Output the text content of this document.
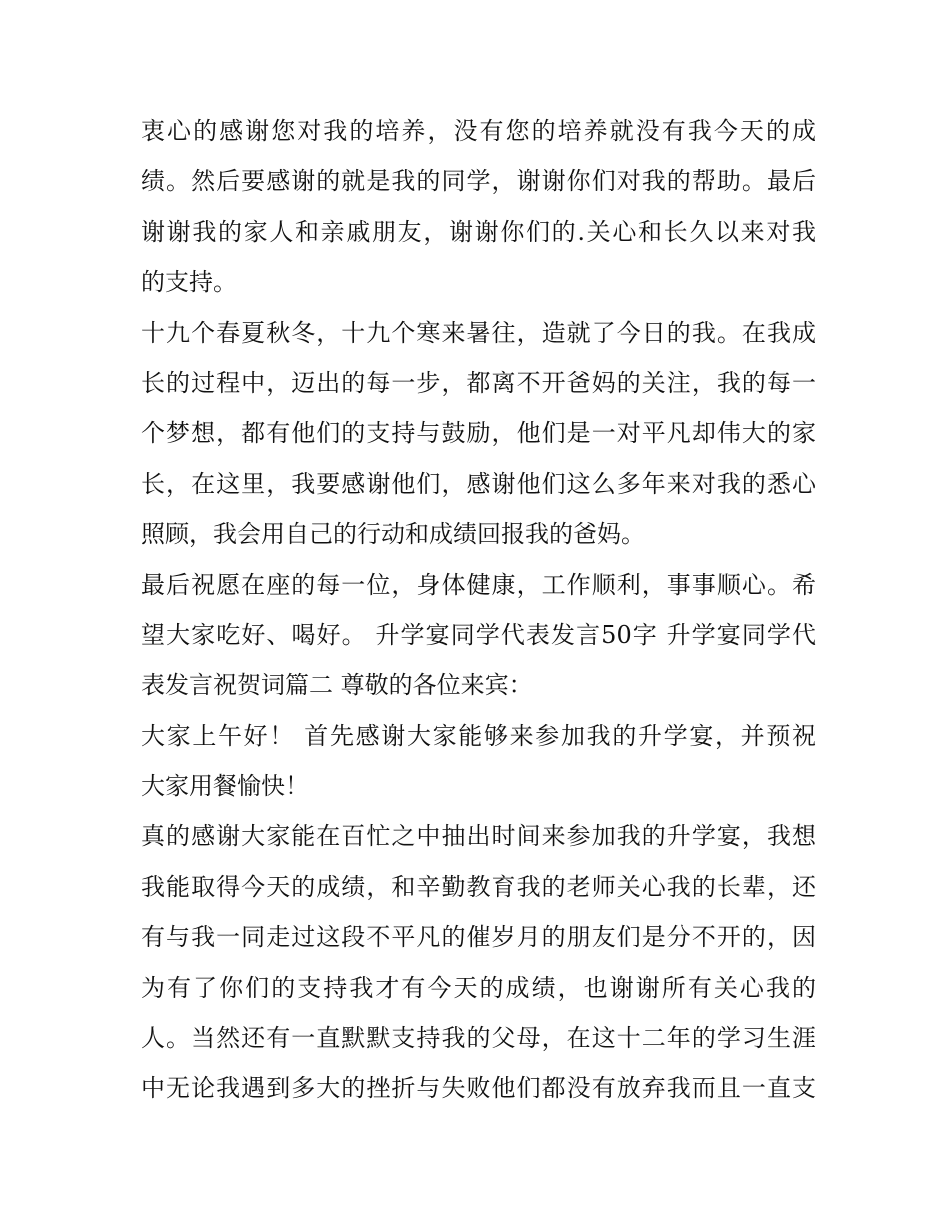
衷心的感谢您对我的培养，没有您的培养就没有我今天的成
绩。然后要感谢的就是我的同学，谢谢你们对我的帮助。最后
谢谢我的家人和亲戚朋友，谢谢你们的.关心和长久以来对我
的支持。
十九个春夏秋冬，十九个寒来暑往，造就了今日的我。在我成
长的过程中，迈出的每一步，都离不开爸妈的关注，我的每一
个梦想，都有他们的支持与鼓励，他们是一对平凡却伟大的家
长，在这里，我要感谢他们，感谢他们这么多年来对我的悉心
照顾，我会用自己的行动和成绩回报我的爸妈。
最后祝愿在座的每一位，身体健康，工作顺利，事事顺心。希
望大家吃好、喝好。 升学宴同学代表发言50字 升学宴同学代
表发言祝贺词篇二 尊敬的各位来宾：
大家上午好！ 首先感谢大家能够来参加我的升学宴，并预祝
大家用餐愉快！
真的感谢大家能在百忙之中抽出时间来参加我的升学宴，我想
我能取得今天的成绩，和辛勤教育我的老师关心我的长辈，还
有与我一同走过这段不平凡的催岁月的朋友们是分不开的，因
为有了你们的支持我才有今天的成绩，也谢谢所有关心我的
人。当然还有一直默默支持我的父母，在这十二年的学习生涯
中无论我遇到多大的挫折与失败他们都没有放弃我而且一直支
